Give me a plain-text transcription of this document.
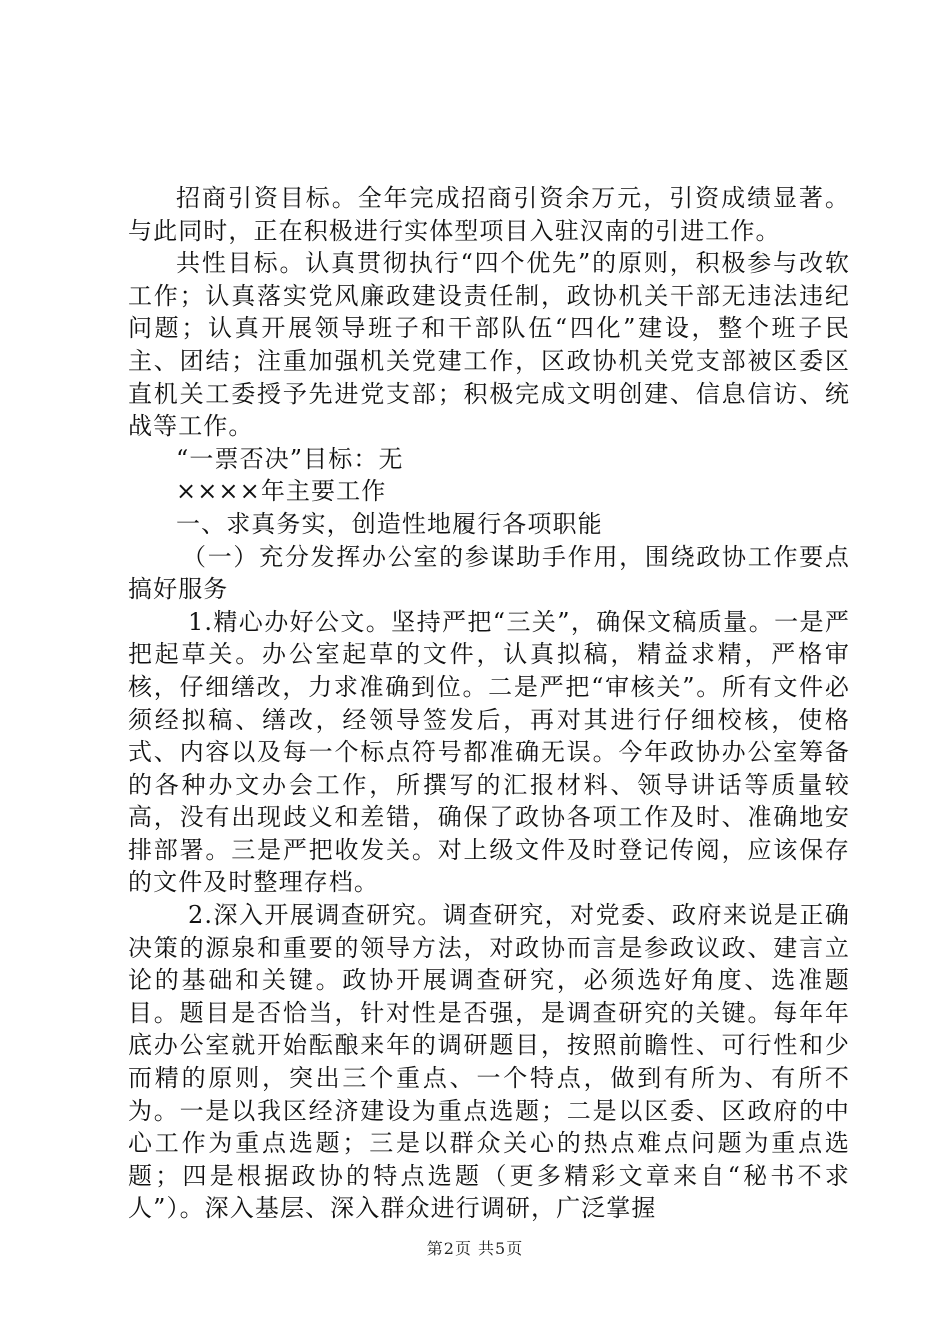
招商引资目标。全年完成招商引资余万元，引资成绩显著。与此同时，正在积极进行实体型项目入驻汉南的引进工作。

共性目标。认真贯彻执行“四个优先”的原则，积极参与改软工作；认真落实党风廉政建设责任制，政协机关干部无违法违纪问题；认真开展领导班子和干部队伍“四化”建设，整个班子民主、团结；注重加强机关党建工作，区政协机关党支部被区委区直机关工委授予先进党支部；积极完成文明创建、信息信访、统战等工作。

“一票否决”目标：无

××××年主要工作

一、求真务实，创造性地履行各项职能

（一）充分发挥办公室的参谋助手作用，围绕政协工作要点搞好服务

1.精心办好公文。坚持严把“三关”，确保文稿质量。一是严把起草关。办公室起草的文件，认真拟稿，精益求精，严格审核，仔细缮改，力求准确到位。二是严把“审核关”。所有文件必须经拟稿、缮改，经领导签发后，再对其进行仔细校核，使格式、内容以及每一个标点符号都准确无误。今年政协办公室筹备的各种办文办会工作，所撰写的汇报材料、领导讲话等质量较高，没有出现歧义和差错，确保了政协各项工作及时、准确地安排部署。三是严把收发关。对上级文件及时登记传阅，应该保存的文件及时整理存档。

2.深入开展调查研究。调查研究，对党委、政府来说是正确决策的源泉和重要的领导方法，对政协而言是参政议政、建言立论的基础和关键。政协开展调查研究，必须选好角度、选准题目。题目是否恰当，针对性是否强，是调查研究的关键。每年年底办公室就开始酝酿来年的调研题目，按照前瞻性、可行性和少而精的原则，突出三个重点、一个特点，做到有所为、有所不为。一是以我区经济建设为重点选题；二是以区委、区政府的中心工作为重点选题；三是以群众关心的热点难点问题为重点选题；四是根据政协的特点选题（更多精彩文章来自“秘书不求人”）。深入基层、深入群众进行调研，广泛掌握

第2页 共5页
